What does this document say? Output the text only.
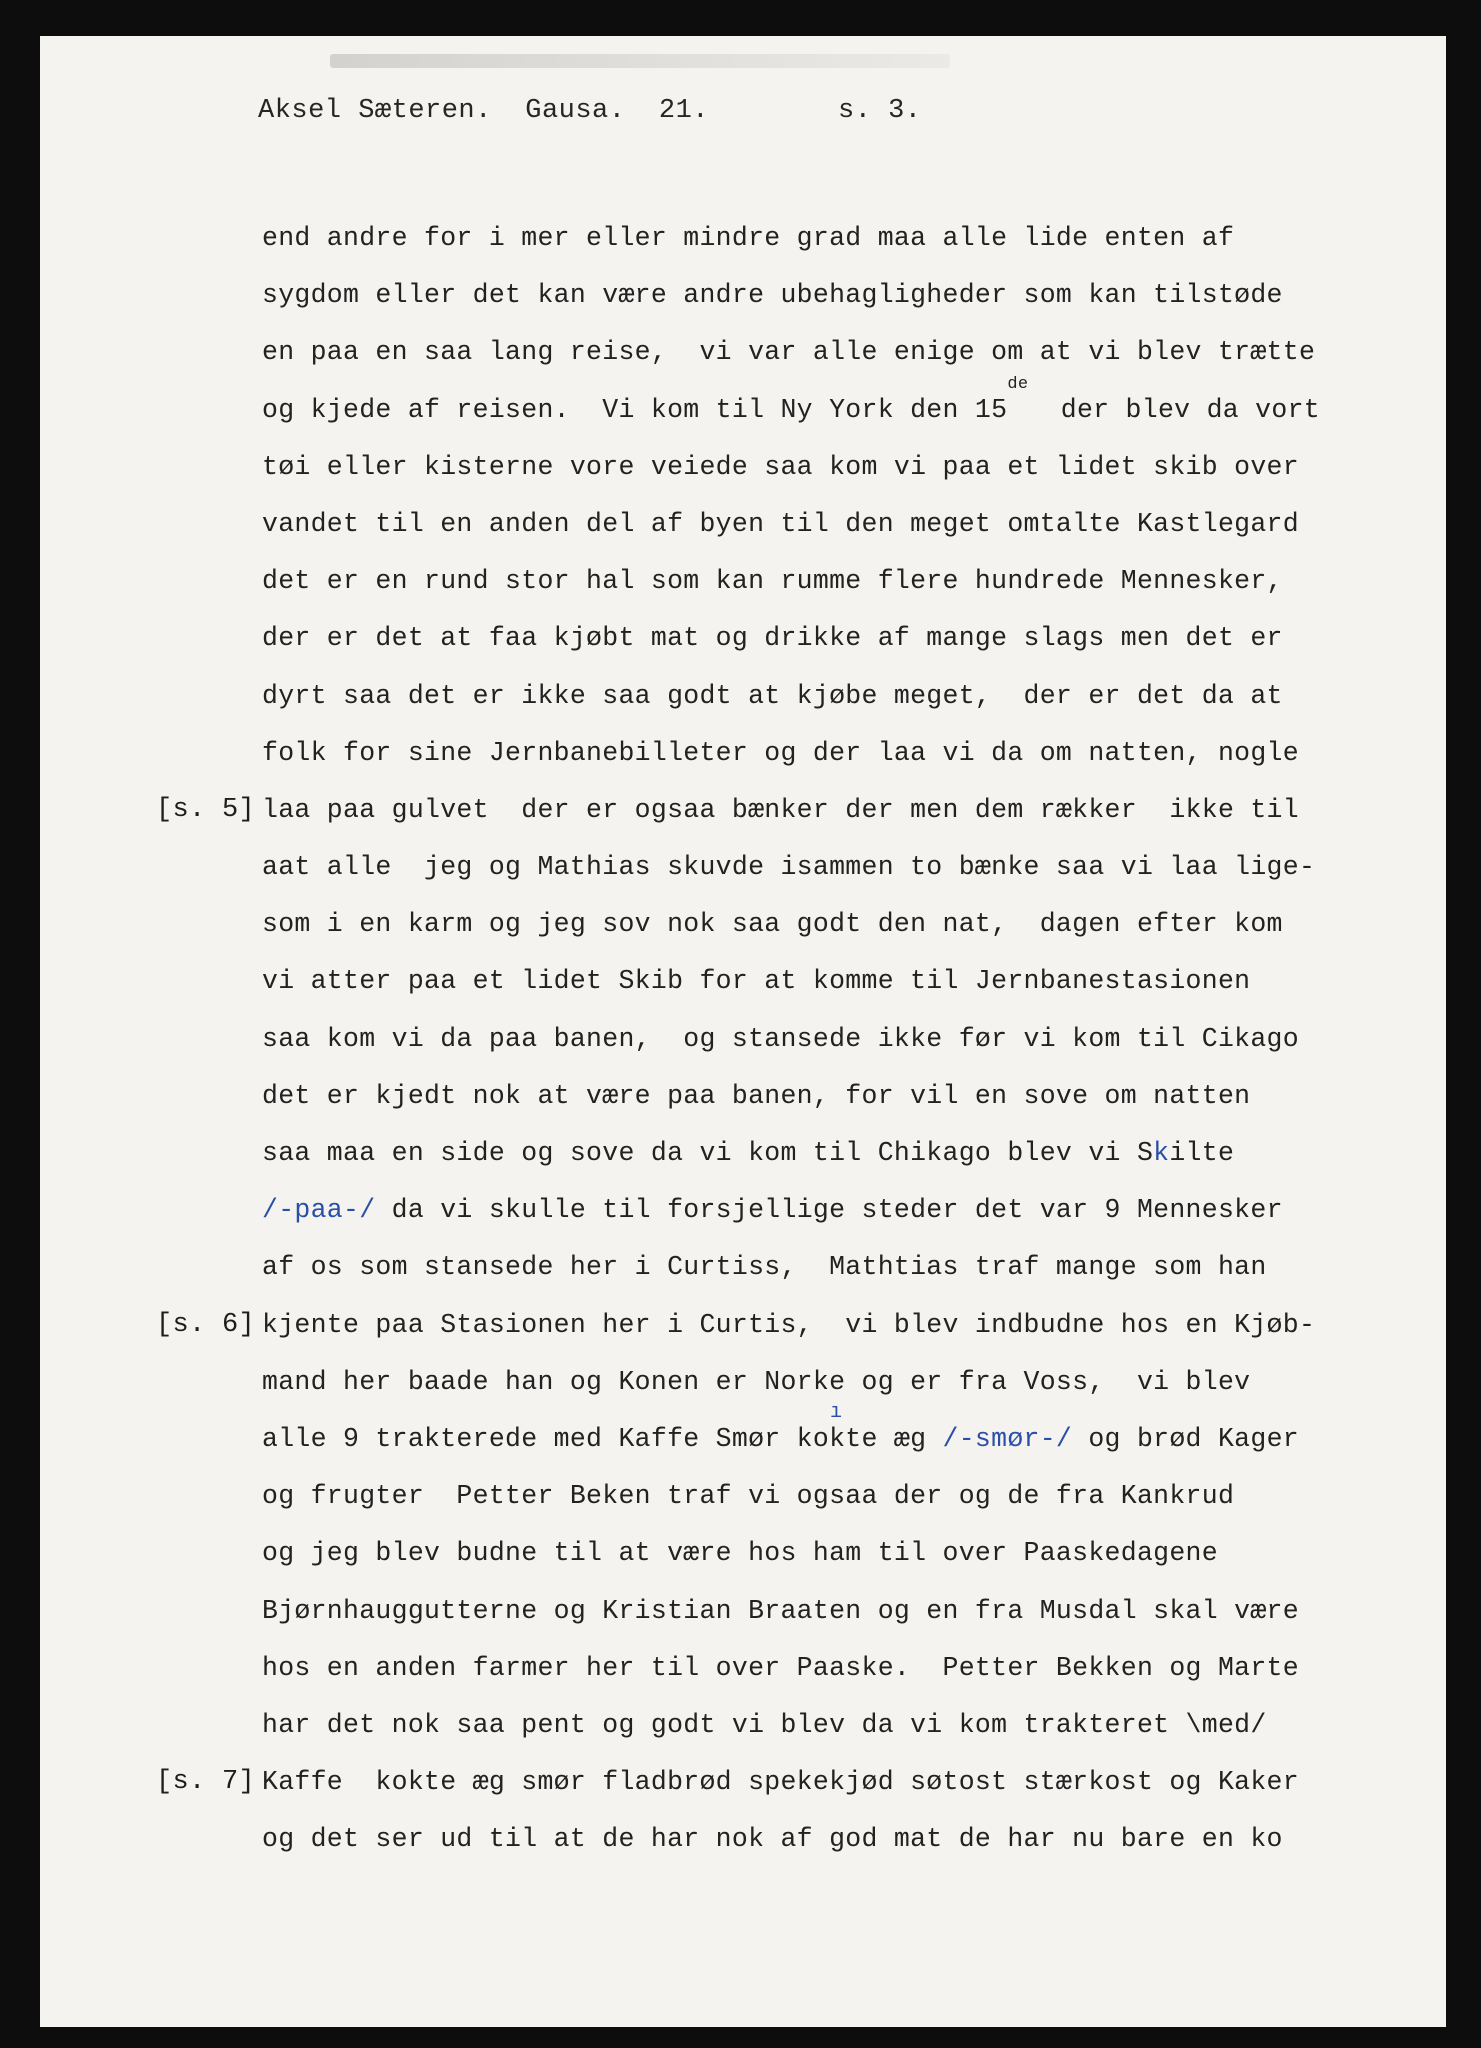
Aksel Sæteren. Gausa. 21.	s. 3.
end andre for i mer eller mindre grad maa alle lide enten af
sygdom eller det kan være andre ubehagligheder som kan tilstøde
en paa en saa lang reise,  vi var alle enige om at vi blev trætte
og kjede af reisen.  Vi kom til Ny York den 15de  der blev da vort
tøi eller kisterne vore veiede saa kom vi paa et lidet skib over
vandet til en anden del af byen til den meget omtalte Kastlegard
det er en rund stor hal som kan rumme flere hundrede Mennesker,
der er det at faa kjøbt mat og drikke af mange slags men det er
dyrt saa det er ikke saa godt at kjøbe meget,  der er det da at
folk for sine Jernbanebilleter og der laa vi da om natten, nogle
[s. 5] laa paa gulvet  der er ogsaa bænker der men dem rækker  ikke til
aat alle  jeg og Mathias skuvde isammen to bænke saa vi laa lige-
som i en karm og jeg sov nok saa godt den nat,  dagen efter kom
vi atter paa et lidet Skib for at komme til Jernbanestasionen
saa kom vi da paa banen,  og stansede ikke før vi kom til Cikago
det er kjedt nok at være paa banen, for vil en sove om natten
saa maa en side og sove da vi kom til Chikago blev vi Skilte
/-paa-/ da vi skulle til forsjellige steder det var 9 Mennesker
af os som stansede her i Curtiss,  Mathtias traf mange som han
[s. 6] kjente paa Stasionen her i Curtis,  vi blev indbudne hos en Kjøb-
ı
mand her baade han og Konen er Norke og er fra Voss,  vi blev
alle 9 trakterede med Kaffe Smør kokte æg /-smør-/ og brød Kager
og frugter  Petter Beken traf vi ogsaa der og de fra Kankrud
og jeg blev budne til at være hos ham til over Paaskedagene
Bjørnhauggutterne og Kristian Braaten og en fra Musdal skal være
hos en anden farmer her til over Paaske.  Petter Bekken og Marte
har det nok saa pent og godt vi blev da vi kom trakteret \med/
[s. 7] Kaffe  kokte æg smør fladbrød spekekjød søtost stærkost og Kaker
og det ser ud til at de har nok af god mat de har nu bare en ko
